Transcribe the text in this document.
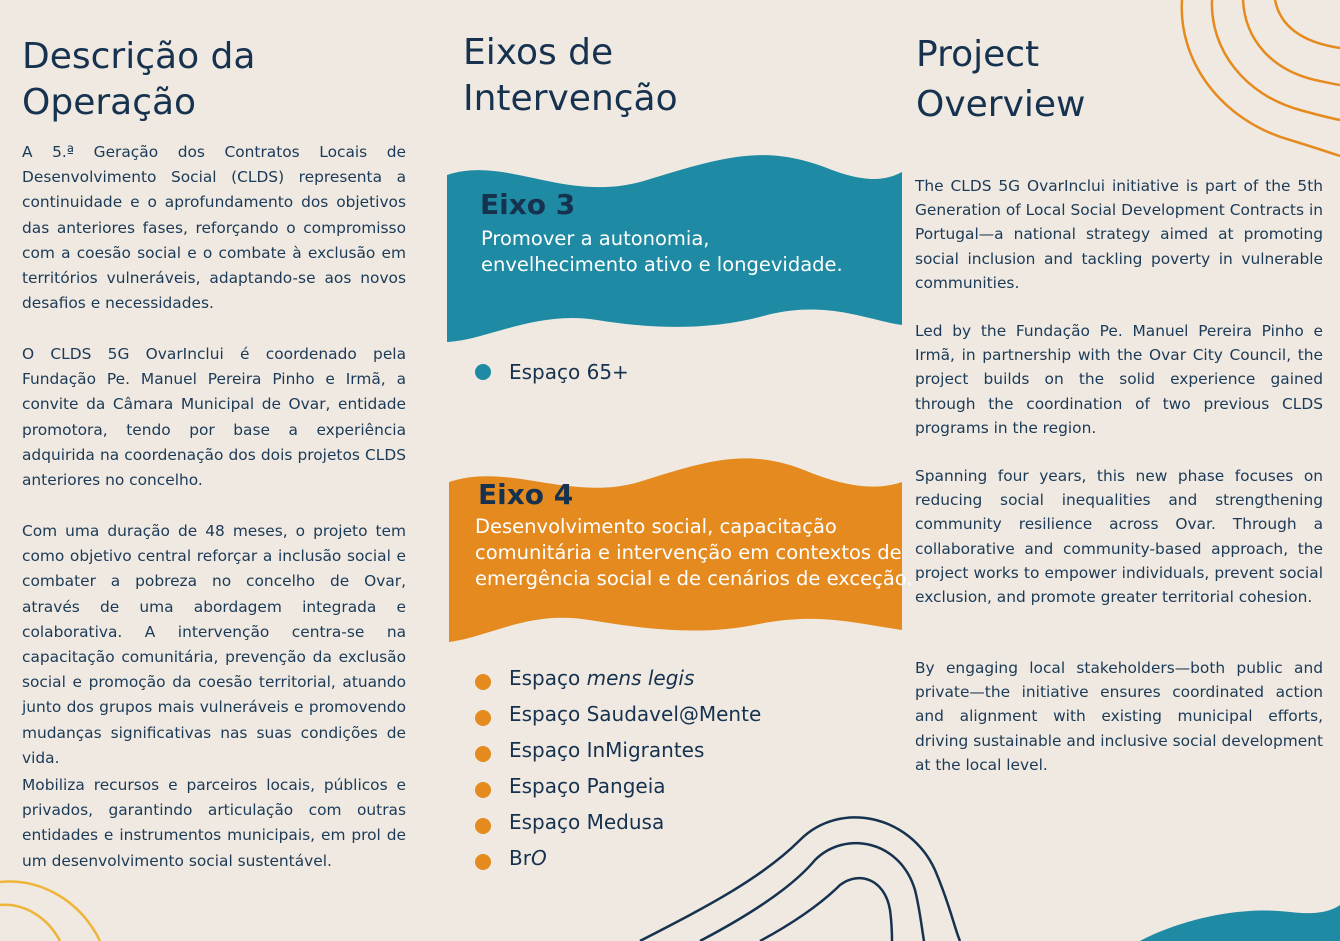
Descrição da
Operação

A 5.ª Geração dos Contratos Locais de Desenvolvimento Social (CLDS) representa a continuidade e o aprofundamento dos objetivos das anteriores fases, reforçando o compromisso com a coesão social e o combate à exclusão em territórios vulneráveis, adaptando-se aos novos desafios e necessidades.

O CLDS 5G OvarInclui é coordenado pela Fundação Pe. Manuel Pereira Pinho e Irmã, a convite da Câmara Municipal de Ovar, entidade promotora, tendo por base a experiência adquirida na coordenação dos dois projetos CLDS anteriores no concelho.

Com uma duração de 48 meses, o projeto tem como objetivo central reforçar a inclusão social e combater a pobreza no concelho de Ovar, através de uma abordagem integrada e colaborativa. A intervenção centra-se na capacitação comunitária, prevenção da exclusão social e promoção da coesão territorial, atuando junto dos grupos mais vulneráveis e promovendo mudanças significativas nas suas condições de vida.

Mobiliza recursos e parceiros locais, públicos e privados, garantindo articulação com outras entidades e instrumentos municipais, em prol de um desenvolvimento social sustentável.

Eixos de
Intervenção
Eixo 3
Promover a autonomia,
envelhecimento ativo e longevidade.
Espaço 65+
Eixo 4
Desenvolvimento social, capacitação
comunitária e intervenção em contextos de
emergência social e de cenários de exceção.
Espaço mens legis
Espaço Saudavel@Mente
Espaço InMigrantes
Espaço Pangeia
Espaço Medusa
BrO
Project
Overview

The CLDS 5G OvarInclui initiative is part of the 5th Generation of Local Social Development Contracts in Portugal—a national strategy aimed at promoting social inclusion and tackling poverty in vulnerable communities.

Led by the Fundação Pe. Manuel Pereira Pinho e Irmã, in partnership with the Ovar City Council, the project builds on the solid experience gained through the coordination of two previous CLDS programs in the region.

Spanning four years, this new phase focuses on reducing social inequalities and strengthening community resilience across Ovar. Through a collaborative and community-based approach, the project works to empower individuals, prevent social exclusion, and promote greater territorial cohesion.

By engaging local stakeholders—both public and private—the initiative ensures coordinated action and alignment with existing municipal efforts, driving sustainable and inclusive social development at the local level.
